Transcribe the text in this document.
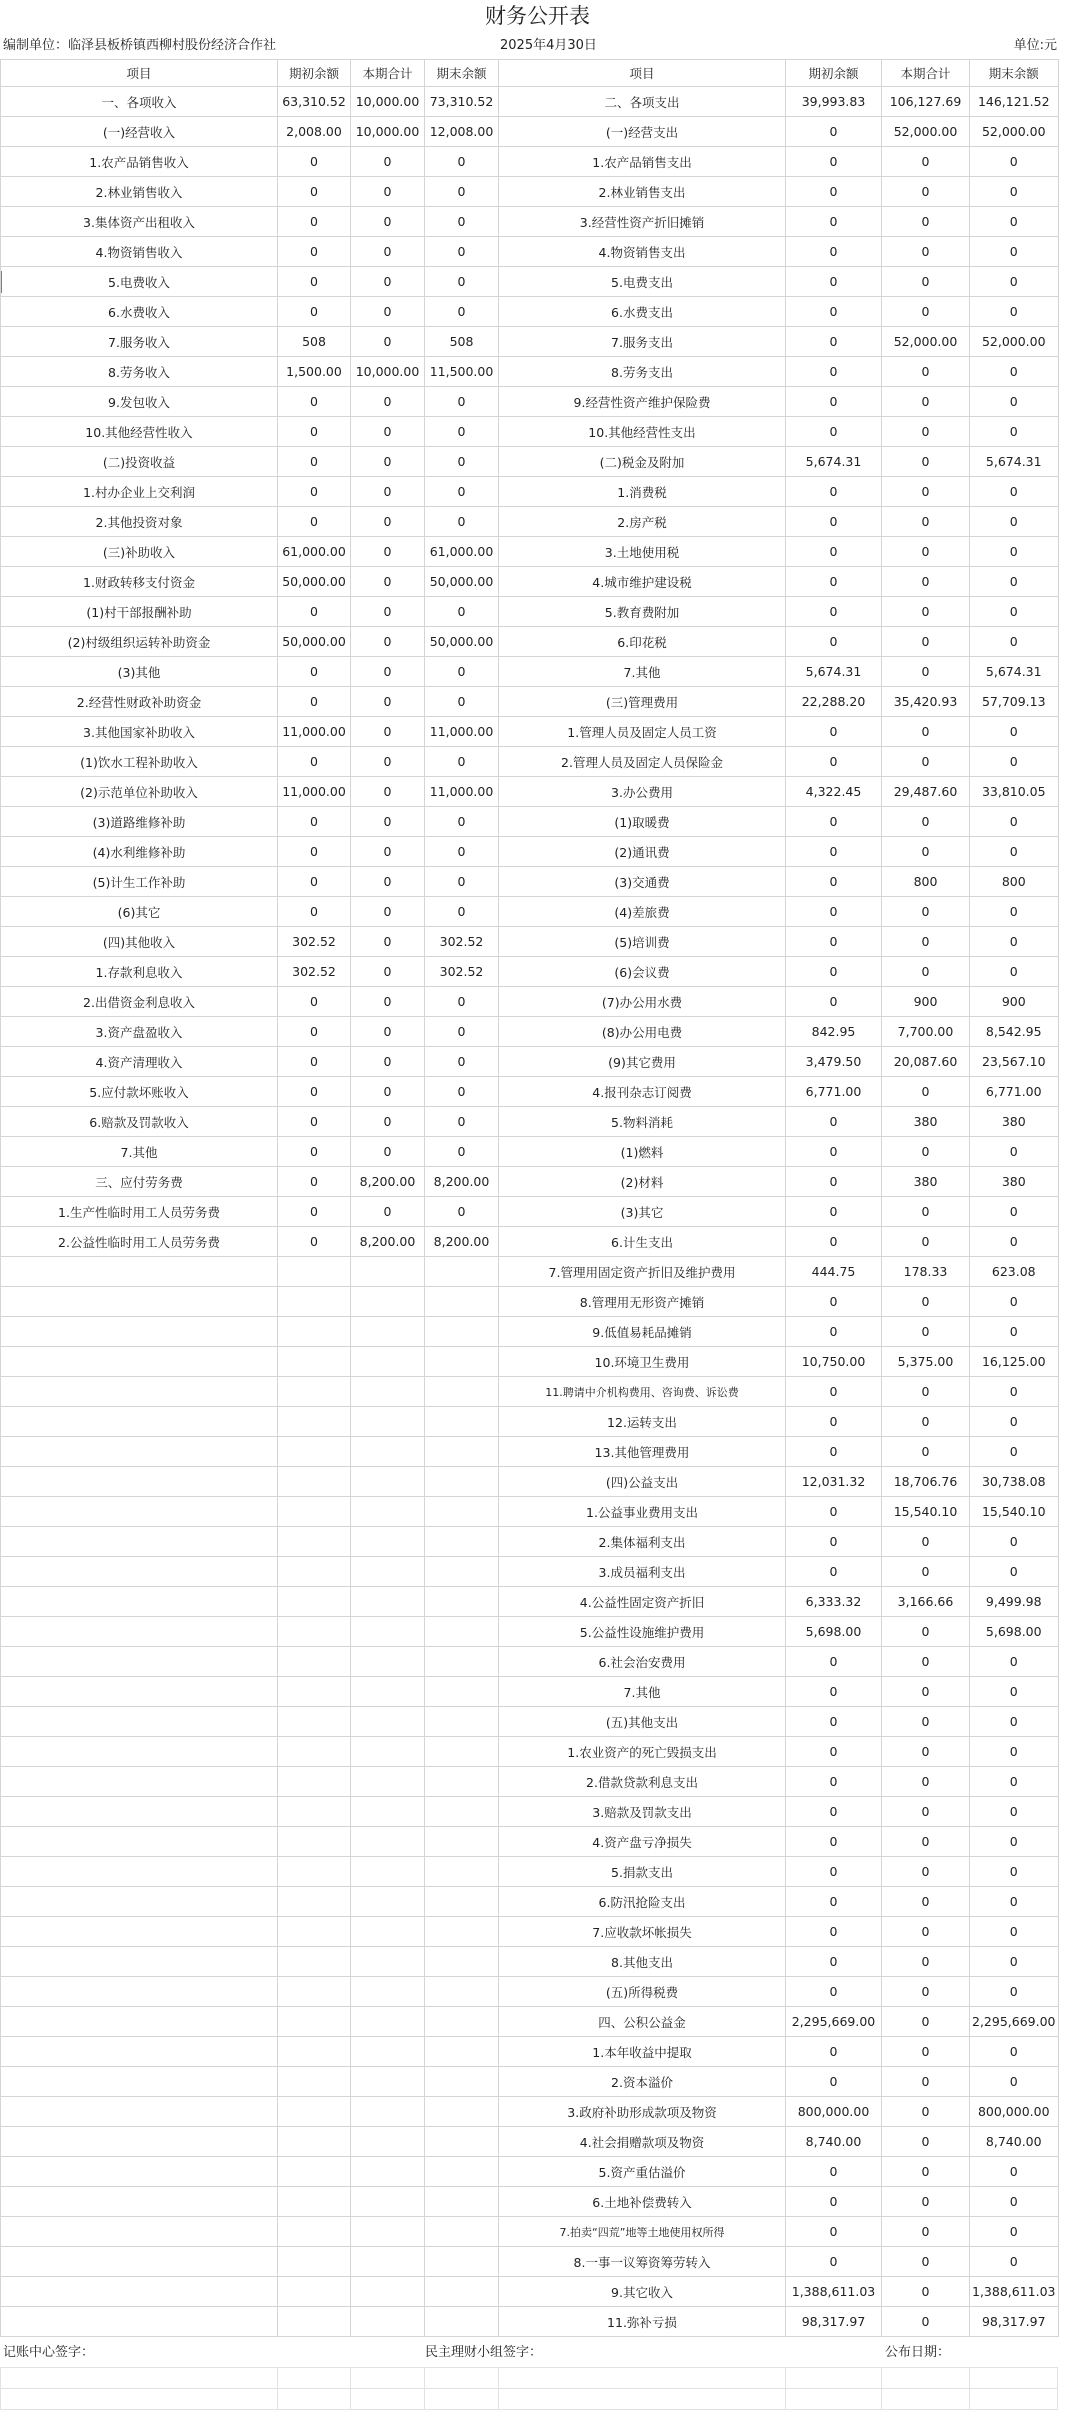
财务公开表
编制单位：临泽县板桥镇西柳村股份经济合作社	2025年4月30日	单位:元
项目	期初余额	本期合计	期末余额	项目	期初余额	本期合计	期末余额
一、各项收入	63,310.52	10,000.00	73,310.52	二、各项支出	39,993.83	106,127.69	146,121.52
(一)经营收入	2,008.00	10,000.00	12,008.00	(一)经营支出	0	52,000.00	52,000.00
1.农产品销售收入	0	0	0	1.农产品销售支出	0	0	0
2.林业销售收入	0	0	0	2.林业销售支出	0	0	0
3.集体资产出租收入	0	0	0	3.经营性资产折旧摊销	0	0	0
4.物资销售收入	0	0	0	4.物资销售支出	0	0	0
5.电费收入	0	0	0	5.电费支出	0	0	0
6.水费收入	0	0	0	6.水费支出	0	0	0
7.服务收入	508	0	508	7.服务支出	0	52,000.00	52,000.00
8.劳务收入	1,500.00	10,000.00	11,500.00	8.劳务支出	0	0	0
9.发包收入	0	0	0	9.经营性资产维护保险费	0	0	0
10.其他经营性收入	0	0	0	10.其他经营性支出	0	0	0
(二)投资收益	0	0	0	(二)税金及附加	5,674.31	0	5,674.31
1.村办企业上交利润	0	0	0	1.消费税	0	0	0
2.其他投资对象	0	0	0	2.房产税	0	0	0
(三)补助收入	61,000.00	0	61,000.00	3.土地使用税	0	0	0
1.财政转移支付资金	50,000.00	0	50,000.00	4.城市维护建设税	0	0	0
(1)村干部报酬补助	0	0	0	5.教育费附加	0	0	0
(2)村级组织运转补助资金	50,000.00	0	50,000.00	6.印花税	0	0	0
(3)其他	0	0	0	7.其他	5,674.31	0	5,674.31
2.经营性财政补助资金	0	0	0	(三)管理费用	22,288.20	35,420.93	57,709.13
3.其他国家补助收入	11,000.00	0	11,000.00	1.管理人员及固定人员工资	0	0	0
(1)饮水工程补助收入	0	0	0	2.管理人员及固定人员保险金	0	0	0
(2)示范单位补助收入	11,000.00	0	11,000.00	3.办公费用	4,322.45	29,487.60	33,810.05
(3)道路维修补助	0	0	0	(1)取暖费	0	0	0
(4)水利维修补助	0	0	0	(2)通讯费	0	0	0
(5)计生工作补助	0	0	0	(3)交通费	0	800	800
(6)其它	0	0	0	(4)差旅费	0	0	0
(四)其他收入	302.52	0	302.52	(5)培训费	0	0	0
1.存款利息收入	302.52	0	302.52	(6)会议费	0	0	0
2.出借资金利息收入	0	0	0	(7)办公用水费	0	900	900
3.资产盘盈收入	0	0	0	(8)办公用电费	842.95	7,700.00	8,542.95
4.资产清理收入	0	0	0	(9)其它费用	3,479.50	20,087.60	23,567.10
5.应付款坏账收入	0	0	0	4.报刊杂志订阅费	6,771.00	0	6,771.00
6.赔款及罚款收入	0	0	0	5.物料消耗	0	380	380
7.其他	0	0	0	(1)燃料	0	0	0
三、应付劳务费	0	8,200.00	8,200.00	(2)材料	0	380	380
1.生产性临时用工人员劳务费	0	0	0	(3)其它	0	0	0
2.公益性临时用工人员劳务费	0	8,200.00	8,200.00	6.计生支出	0	0	0
				7.管理用固定资产折旧及维护费用	444.75	178.33	623.08
				8.管理用无形资产摊销	0	0	0
				9.低值易耗品摊销	0	0	0
				10.环境卫生费用	10,750.00	5,375.00	16,125.00
				11.聘请中介机构费用、咨询费、诉讼费	0	0	0
				12.运转支出	0	0	0
				13.其他管理费用	0	0	0
				(四)公益支出	12,031.32	18,706.76	30,738.08
				1.公益事业费用支出	0	15,540.10	15,540.10
				2.集体福利支出	0	0	0
				3.成员福利支出	0	0	0
				4.公益性固定资产折旧	6,333.32	3,166.66	9,499.98
				5.公益性设施维护费用	5,698.00	0	5,698.00
				6.社会治安费用	0	0	0
				7.其他	0	0	0
				(五)其他支出	0	0	0
				1.农业资产的死亡毁损支出	0	0	0
				2.借款贷款利息支出	0	0	0
				3.赔款及罚款支出	0	0	0
				4.资产盘亏净损失	0	0	0
				5.捐款支出	0	0	0
				6.防汛抢险支出	0	0	0
				7.应收款坏帐损失	0	0	0
				8.其他支出	0	0	0
				(五)所得税费	0	0	0
				四、公积公益金	2,295,669.00	0	2,295,669.00
				1.本年收益中提取	0	0	0
				2.资本溢价	0	0	0
				3.政府补助形成款项及物资	800,000.00	0	800,000.00
				4.社会捐赠款项及物资	8,740.00	0	8,740.00
				5.资产重估溢价	0	0	0
				6.土地补偿费转入	0	0	0
				7.拍卖“四荒”地等土地使用权所得	0	0	0
				8.一事一议筹资筹劳转入	0	0	0
				9.其它收入	1,388,611.03	0	1,388,611.03
				11.弥补亏损	98,317.97	0	98,317.97
记账中心签字：	民主理财小组签字：	公布日期：
